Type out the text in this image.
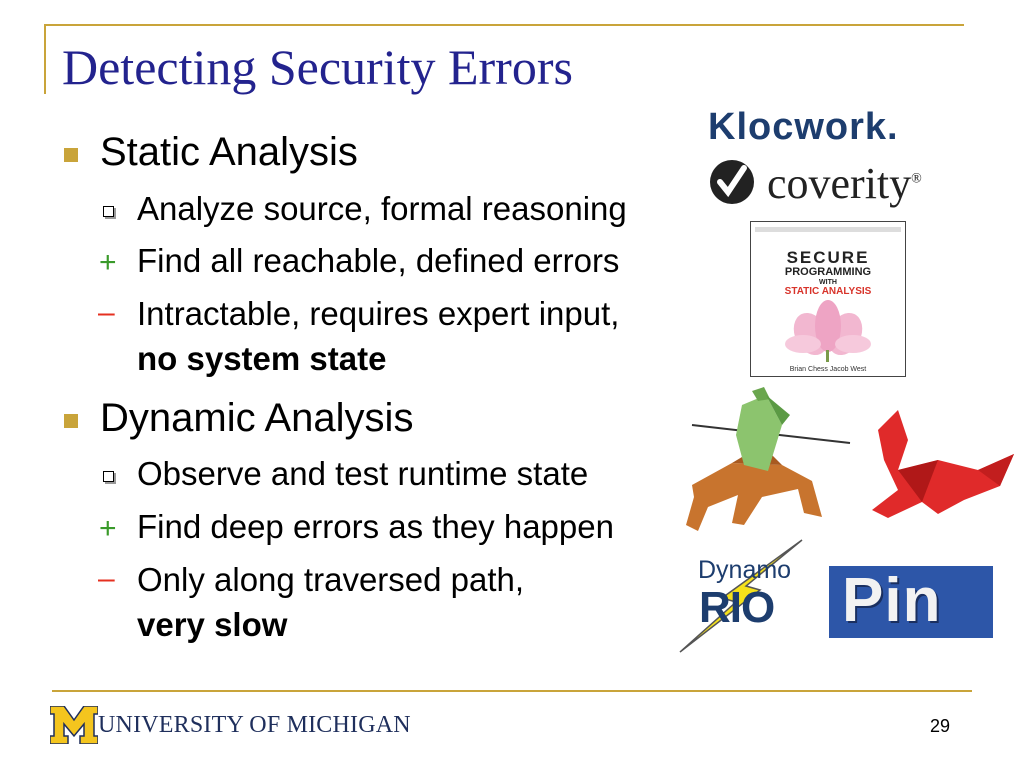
Detecting Security Errors
Static Analysis
Analyze source, formal reasoning
+ Find all reachable, defined errors
– Intractable, requires expert input,
no system state
Dynamic Analysis
Observe and test runtime state
+ Find deep errors as they happen
– Only along traversed path,
very slow
Klocwork.
coverity®
SECURE
PROGRAMMING
WITH
STATIC ANALYSIS
Brian Chess Jacob West
Dynamo
RIO Pin
UNIVERSITY OF MICHIGAN	29
